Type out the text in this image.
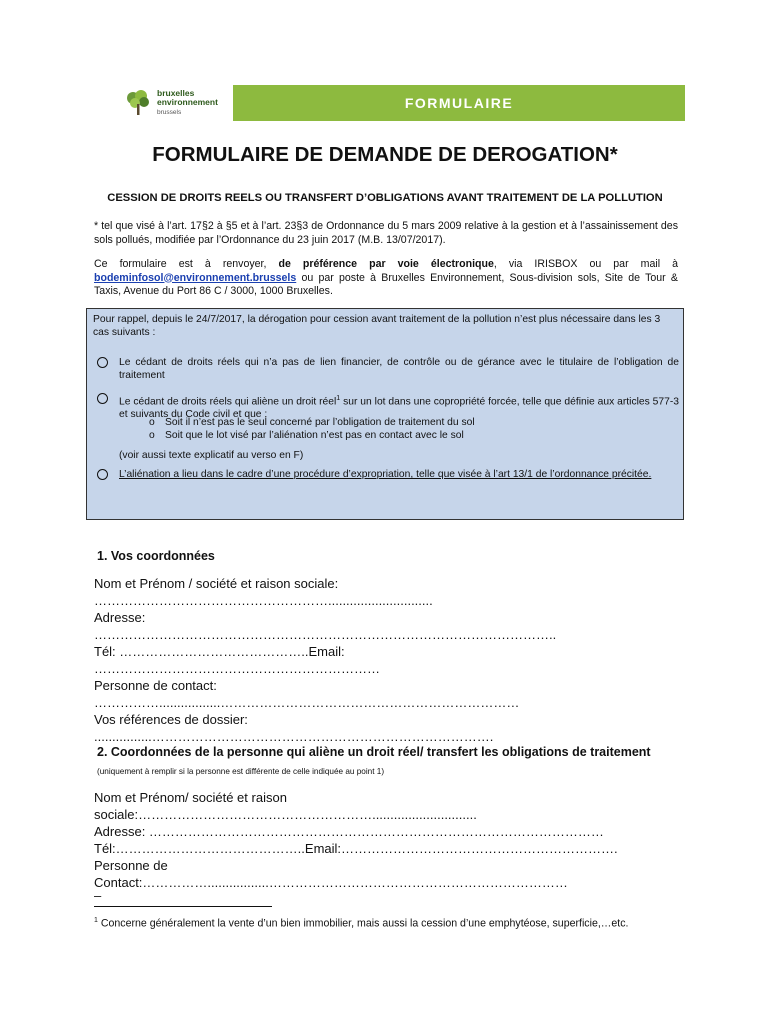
bruxelles
environnement
brussels
FORMULAIRE
FORMULAIRE DE DEMANDE DE DEROGATION*
CESSION DE DROITS REELS OU TRANSFERT D’OBLIGATIONS AVANT TRAITEMENT DE LA POLLUTION
* tel que visé à l’art. 17§2 à §5 et à l’art. 23§3 de Ordonnance du 5 mars 2009 relative à la gestion et à l’assainissement des sols pollués, modifiée par l’Ordonnance du 23 juin 2017 (M.B. 13/07/2017).
Ce formulaire est à renvoyer, de préférence par voie électronique, via IRISBOX ou par mail à bodeminfosol@environnement.brussels ou par poste à Bruxelles Environnement, Sous-division sols, Site de Tour & Taxis, Avenue du Port 86 C / 3000, 1000 Bruxelles.
Pour rappel, depuis le 24/7/2017, la dérogation pour cession avant traitement de la pollution n’est plus nécessaire dans les 3 cas suivants :
Le cédant de droits réels qui n’a pas de lien financier, de contrôle ou de gérance avec le titulaire de l’obligation de traitement
Le cédant de droits réels qui aliène un droit réel$^1$ sur un lot dans une copropriété forcée, telle que définie aux articles 577-3 et suivants du Code civil et que :
o Soit il n’est pas le seul concerné par l’obligation de traitement du sol
o Soit que le lot visé par l’aliénation n’est pas en contact avec le sol
(voir aussi texte explicatif au verso en F)
L’aliénation a lieu dans le cadre d’une procédure d’expropriation, telle que visée à l’art 13/1 de l’ordonnance précitée.
1. Vos coordonnées
Nom et Prénom / société et raison sociale:
……………………………………………….............................
Adresse:
……………………………………………………………………………………………..
Tél: ……………………………………..Email:
…………………………………………………………
Personne de contact:
…………….................……………………………………………………………
Vos références de dossier:
................…………………………………………………………………….
2. Coordonnées de la personne qui aliène un droit réel/ transfert les obligations de traitement (uniquement à remplir si la personne est différente de celle indiquée au point 1)
Nom et Prénom/ société et raison
sociale:……………………………………………….............................
Adresse: ……………………………………………………………………………………………
Tél:……………………………………..Email:……………………………………………………….
Personne de
Contact:…………….................……………………………………………………………
–
$^1$ Concerne généralement la vente d’un bien immobilier, mais aussi la cession d’une emphytéose, superficie,…etc.
